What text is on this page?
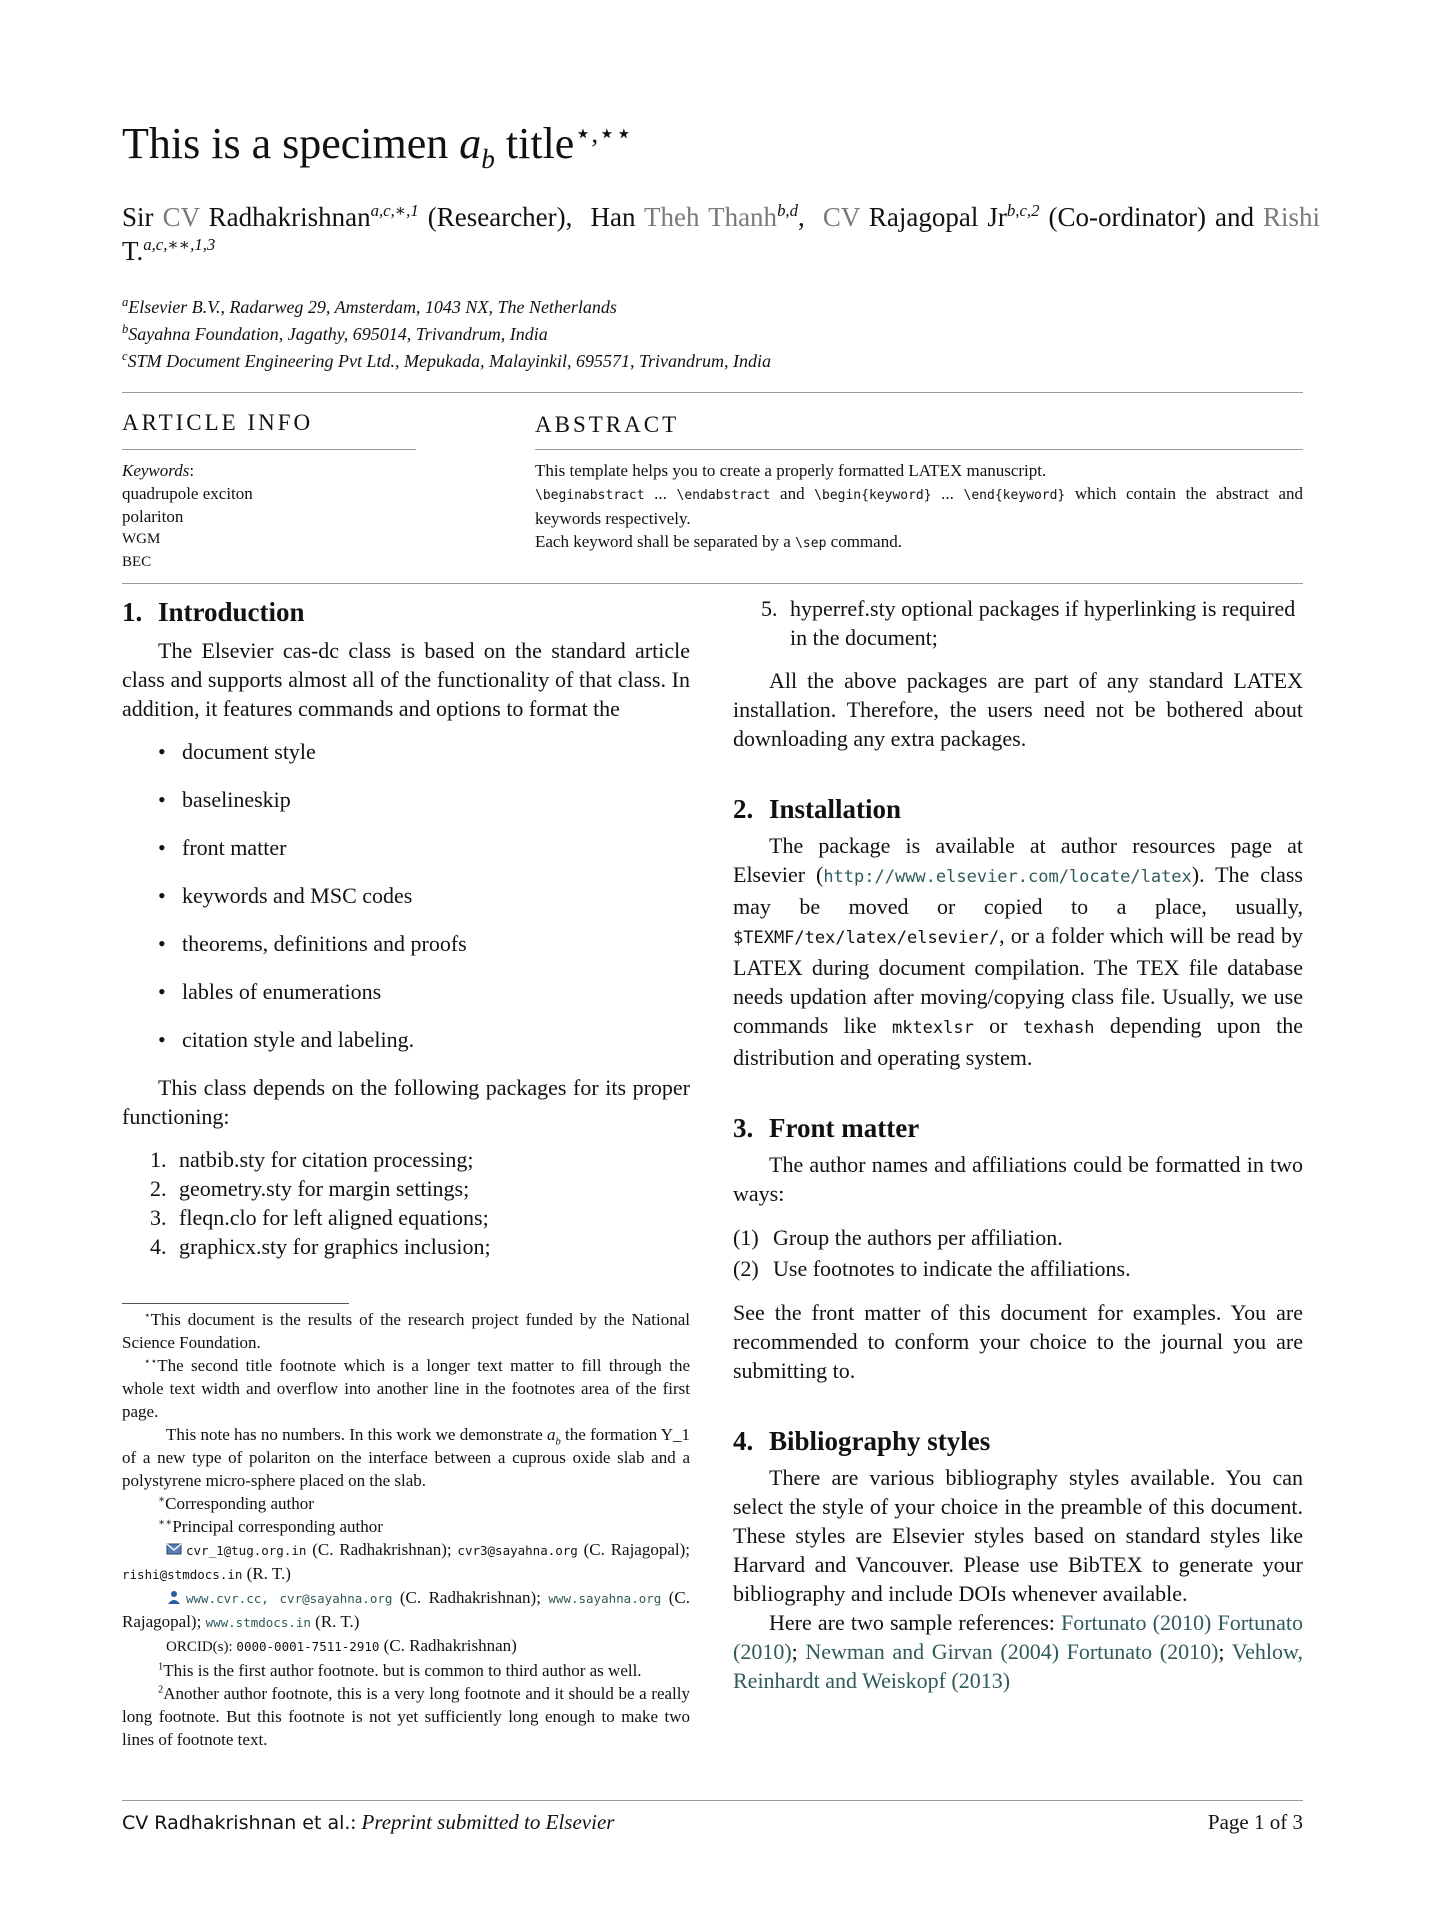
This is a specimen $a_b$ title⋆,⋆⋆
Sir CV Radhakrishnan$^{a,c,∗,1}$ (Researcher), Han Theh Thanh$^{b,d}$, CV Rajagopal Jr$^{b,c,2}$ (Co-ordinator) and Rishi T.$^{a,c,∗∗,1,3}$
$^a$Elsevier B.V., Radarweg 29, Amsterdam, 1043 NX, The Netherlands
$^b$Sayahna Foundation, Jagathy, 695014, Trivandrum, India
$^c$STM Document Engineering Pvt Ltd., Mepukada, Malayinkil, 695571, Trivandrum, India
ARTICLE INFO	ABSTRACT
Keywords:
quadrupole exciton
polariton
WGM
BEC
This template helps you to create a properly formatted LATEX manuscript.
\beginabstract ... \endabstract and \begin{keyword} ... \end{keyword} which contain the abstract and keywords respectively.
Each keyword shall be separated by a \sep command.
1. Introduction

The Elsevier cas-dc class is based on the standard article class and supports almost all of the functionality of that class. In addition, it features commands and options to format the

• document style
• baselineskip
• front matter
• keywords and MSC codes
• theorems, definitions and proofs
• lables of enumerations
• citation style and labeling.

This class depends on the following packages for its proper functioning:

1. natbib.sty for citation processing;
2. geometry.sty for margin settings;
3. fleqn.clo for left aligned equations;
4. graphicx.sty for graphics inclusion;

⋆This document is the results of the research project funded by the National Science Foundation.

⋆⋆The second title footnote which is a longer text matter to fill through the whole text width and overflow into another line in the footnotes area of the first page.

This note has no numbers. In this work we demonstrate $a_b$ the formation Y_1 of a new type of polariton on the interface between a cuprous oxide slab and a polystyrene micro-sphere placed on the slab.

∗Corresponding author

∗∗Principal corresponding author

cvr_1@tug.org.in (C. Radhakrishnan); cvr3@sayahna.org (C. Rajagopal); rishi@stmdocs.in (R. T.)

www.cvr.cc, cvr@sayahna.org (C. Radhakrishnan); www.sayahna.org (C. Rajagopal); www.stmdocs.in (R. T.)

ORCID(s): 0000-0001-7511-2910 (C. Radhakrishnan)

$^1$This is the first author footnote. but is common to third author as well.

$^2$Another author footnote, this is a very long footnote and it should be a really long footnote. But this footnote is not yet sufficiently long enough to make two lines of footnote text.

5. hyperref.sty optional packages if hyperlinking is required in the document;

All the above packages are part of any standard LATEX installation. Therefore, the users need not be bothered about downloading any extra packages.

2. Installation

The package is available at author resources page at Elsevier (http://www.elsevier.com/locate/latex). The class may be moved or copied to a place, usually, $TEXMF/tex/latex/elsevier/, or a folder which will be read by LATEX during document compilation. The TEX file database needs updation after moving/copying class file. Usually, we use commands like mktexlsr or texhash depending upon the distribution and operating system.

3. Front matter

The author names and affiliations could be formatted in two ways:

(1) Group the authors per affiliation.
(2) Use footnotes to indicate the affiliations.

See the front matter of this document for examples. You are recommended to conform your choice to the journal you are submitting to.

4. Bibliography styles

There are various bibliography styles available. You can select the style of your choice in the preamble of this document. These styles are Elsevier styles based on standard styles like Harvard and Vancouver. Please use BibTEX to generate your bibliography and include DOIs whenever available.

Here are two sample references: Fortunato (2010) Fortunato (2010); Newman and Girvan (2004) Fortunato (2010); Vehlow, Reinhardt and Weiskopf (2013)

CV Radhakrishnan et al.: Preprint submitted to Elsevier	Page 1 of 3
